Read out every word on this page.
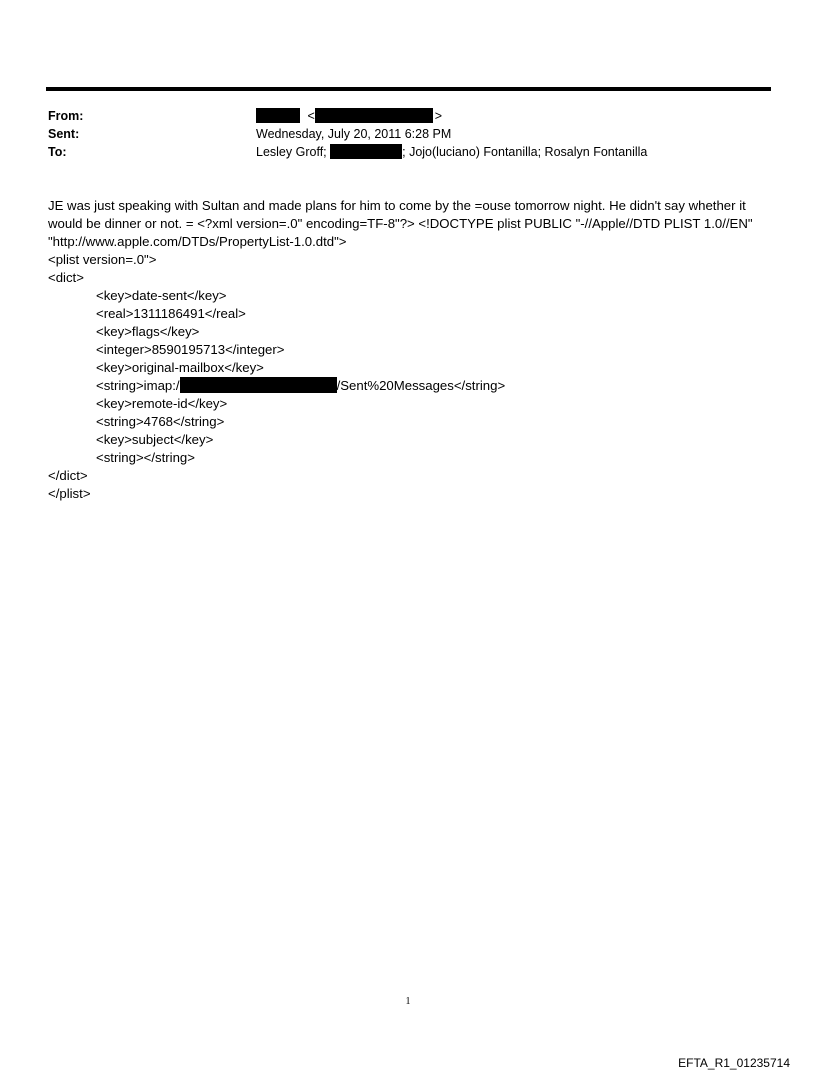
From:	<	>
Sent:	Wednesday, July 20, 2011 6:28 PM
To:	Lesley Groff;	; Jojo(luciano) Fontanilla; Rosalyn Fontanilla
JE was just speaking with Sultan and made plans for him to come by the =ouse tomorrow night. He didn't say whether it
would be dinner or not. = <?xml version=.0" encoding=TF-8"?> <!DOCTYPE plist PUBLIC "-//Apple//DTD PLIST 1.0//EN"
"http://www.apple.com/DTDs/PropertyList-1.0.dtd">
<plist version=.0">
<dict>
<key>date-sent</key>
<real>1311186491</real>
<key>flags</key>
<integer>8590195713</integer>
<key>original-mailbox</key>
<string>imap:/	/Sent%20Messages</string>
<key>remote-id</key>
<string>4768</string>
<key>subject</key>
<string></string>
</dict>
</plist>
1
EFTA_R1_01235714
